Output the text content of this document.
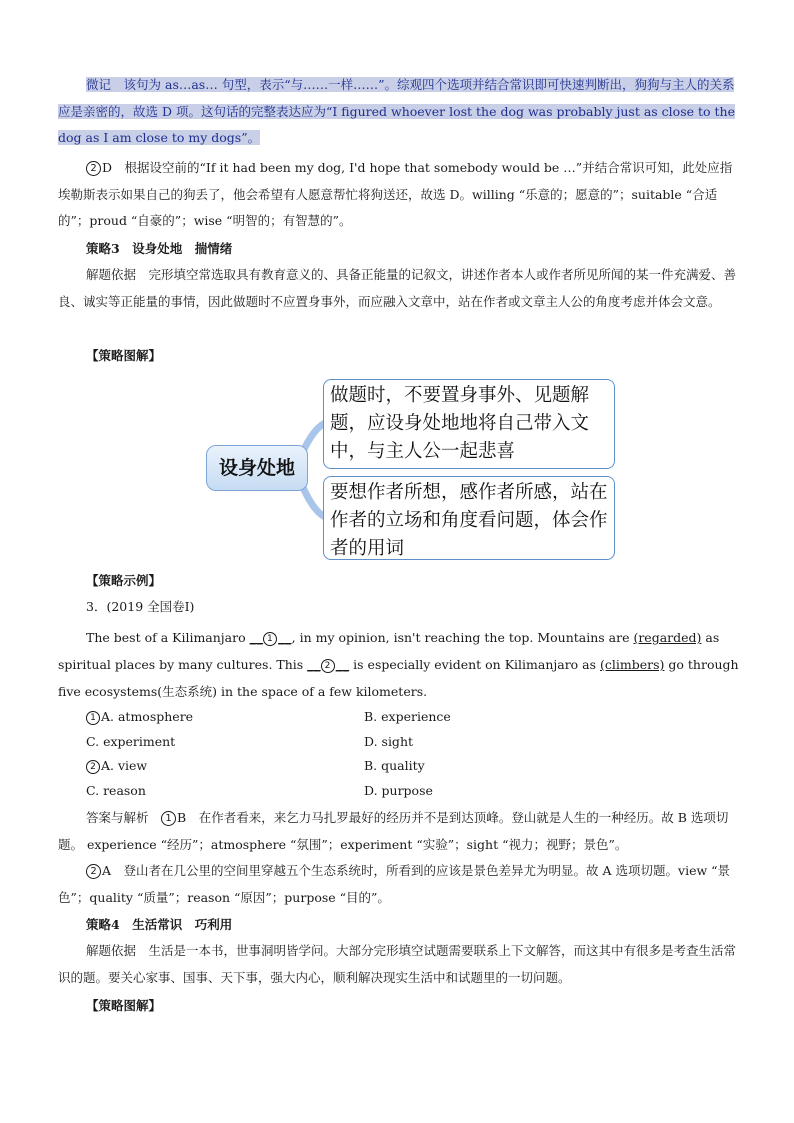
微记　该句为 as…as… 句型，表示“与……一样……”。综观四个选项并结合常识即可快速判断出，狗狗与主人的关系应是亲密的，故选 D 项。这句话的完整表达应为“I figured whoever lost the dog was probably just as close to the dog as I am close to my dogs”。

2 D　根据设空前的“If it had been my dog, I'd hope that somebody would be …”并结合常识可知，此处应指埃勒斯表示如果自己的狗丢了，他会希望有人愿意帮忙将狗送还，故选 D。willing “乐意的；愿意的”；suitable “合适的”；proud “自豪的”；wise “明智的；有智慧的”。

策略3　设身处地　揣情绪

解题依据　完形填空常选取具有教育意义的、具备正能量的记叙文，讲述作者本人或作者所见所闻的某一件充满爱、善良、诚实等正能量的事情，因此做题时不应置身事外，而应融入文章中，站在作者或文章主人公的角度考虑并体会文意。

【策略图解】
设身处地
做题时，不要置身事外、见题解题，应设身处地地将自己带入文中，与主人公一起悲喜
要想作者所想，感作者所感，站在作者的立场和角度看问题，体会作者的用词
【策略示例】
3．(2019 全国卷Ⅰ)

The best of a Kilimanjaro __ 1 __, in my opinion, isn't reaching the top. Mountains are (regarded) as spiritual places by many cultures. This __ 2 __ is especially evident on Kilimanjaro as (climbers) go through five ecosystems(生态系统) in the space of a few kilometers.

1 A. atmosphere	B. experience
C. experiment	D. sight
2 A. view	B. quality
C. reason	D. purpose

答案与解析　 1 B　在作者看来，来乞力马扎罗最好的经历并不是到达顶峰。登山就是人生的一种经历。故 B 选项切题。 experience “经历”；atmosphere “氛围”；experiment “实验”；sight “视力；视野；景色”。

2 A　登山者在几公里的空间里穿越五个生态系统时，所看到的应该是景色差异尤为明显。故 A 选项切题。view “景色”；quality “质量”；reason “原因”；purpose “目的”。

策略4　生活常识　巧利用

解题依据　生活是一本书，世事洞明皆学问。大部分完形填空试题需要联系上下文解答，而这其中有很多是考查生活常识的题。要关心家事、国事、天下事，强大内心，顺利解决现实生活中和试题里的一切问题。

【策略图解】
